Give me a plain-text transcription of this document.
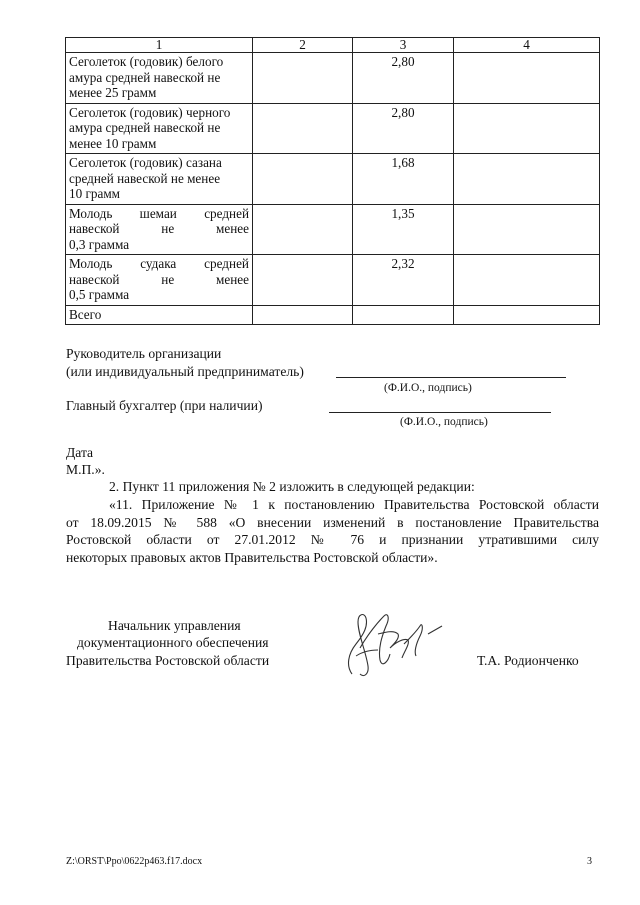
1	2	3	4

Сеголеток (годовик) белого
амура средней навеской не
менее 25 грамм		2,80	

Сеголеток (годовик) черного
амура средней навеской не
менее 10 грамм		2,80	

Сеголеток (годовик) сазана
средней навеской не менее
10 грамм		1,68	

Молодь шемаи средней
навеской не менее
0,3 грамма		1,35	

Молодь судака средней
навеской не менее
0,5 грамма		2,32	

Всего			

Руководитель организации
(или индивидуальный предприниматель)
(Ф.И.О., подпись)
Главный бухгалтер (при наличии)
(Ф.И.О., подпись)
Дата
М.П.».
2. Пункт 11 приложения № 2 изложить в следующей редакции:
«11. Приложение № 1 к постановлению Правительства Ростовской области
от 18.09.2015 № 588 «О внесении изменений в постановление Правительства
Ростовской области от 27.01.2012 № 76 и признании утратившими силу
некоторых правовых актов Правительства Ростовской области».
Начальник управления
документационного обеспечения
Правительства Ростовской области	Т.А. Родионченко
Z:\ORST\Ppo\0622p463.f17.docx	3
